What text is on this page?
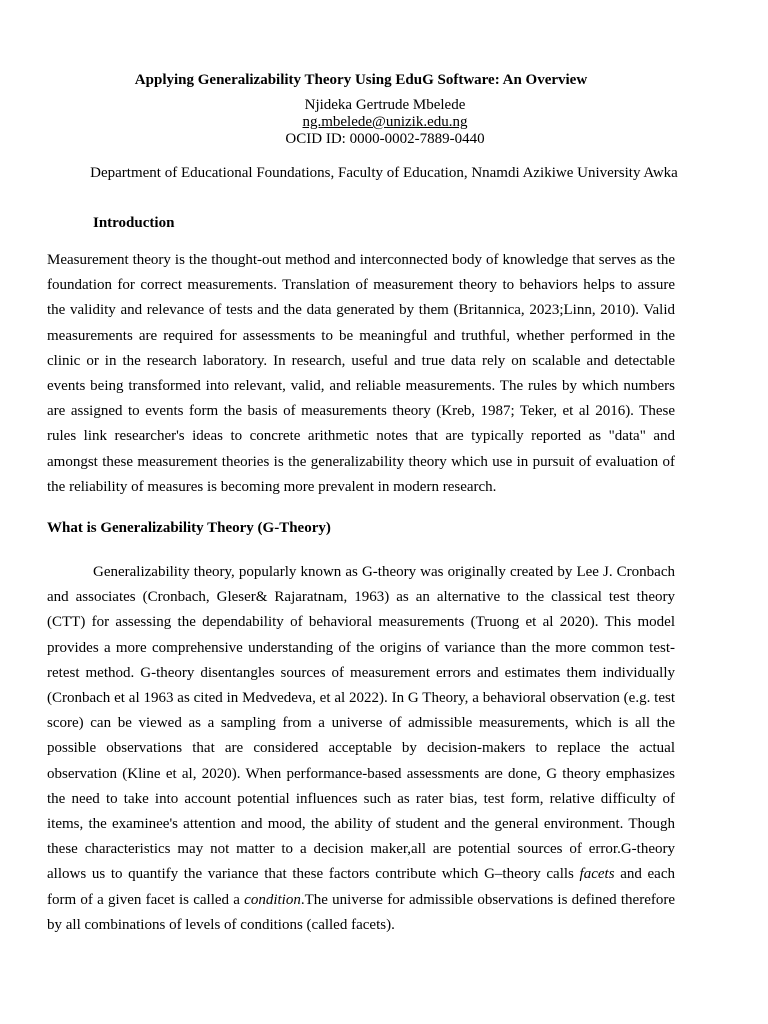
Applying Generalizability Theory Using EduG Software: An Overview
Njideka Gertrude Mbelede
ng.mbelede@unizik.edu.ng
OCID ID: 0000-0002-7889-0440
Department of Educational Foundations, Faculty of Education, Nnamdi Azikiwe University Awka
Introduction

Measurement theory is the thought-out method and interconnected body of knowledge that serves as the foundation for correct measurements. Translation of measurement theory to behaviors helps to assure the validity and relevance of tests and the data generated by them (Britannica, 2023;Linn, 2010). Valid measurements are required for assessments to be meaningful and truthful, whether performed in the clinic or in the research laboratory. In research, useful and true data rely on scalable and detectable events being transformed into relevant, valid, and reliable measurements. The rules by which numbers are assigned to events form the basis of measurements theory (Kreb, 1987; Teker, et al 2016). These rules link researcher's ideas to concrete arithmetic notes that are typically reported as "data" and amongst these measurement theories is the generalizability theory which use in pursuit of evaluation of the reliability of measures is becoming more prevalent in modern research.

What is Generalizability Theory (G-Theory)

Generalizability theory, popularly known as G-theory was originally created by Lee J. Cronbach and associates (Cronbach, Gleser& Rajaratnam, 1963) as an alternative to the classical test theory (CTT) for assessing the dependability of behavioral measurements (Truong et al 2020). This model provides a more comprehensive understanding of the origins of variance than the more common test-retest method. G-theory disentangles sources of measurement errors and estimates them individually (Cronbach et al 1963 as cited in Medvedeva, et al 2022). In G Theory, a behavioral observation (e.g. test score) can be viewed as a sampling from a universe of admissible measurements, which is all the possible observations that are considered acceptable by decision-makers to replace the actual observation (Kline et al, 2020). When performance-based assessments are done, G theory emphasizes the need to take into account potential influences such as rater bias, test form, relative difficulty of items, the examinee's attention and mood, the ability of student and the general environment. Though these characteristics may not matter to a decision maker,all are potential sources of error.G-theory allows us to quantify the variance that these factors contribute which G–theory calls facets and each form of a given facet is called a condition.The universe for admissible observations is defined therefore by all combinations of levels of conditions (called facets).
